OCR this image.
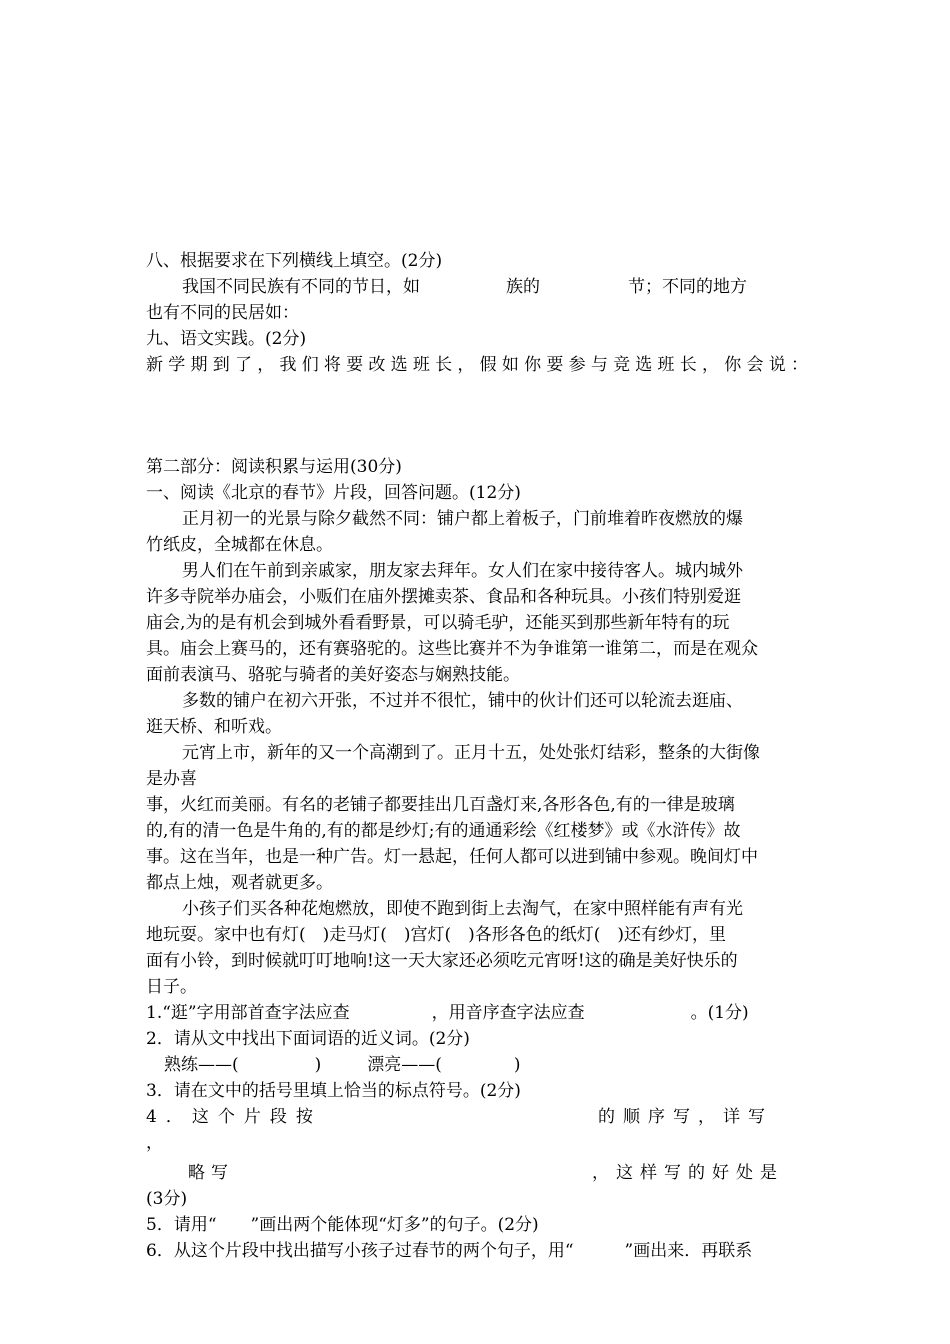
八、根据要求在下列横线上填空。(2分)
我国不同民族有不同的节日，如	族的	节；不同的地方
也有不同的民居如：
九、语文实践。(2分)
新学期到了，我们将要改选班长，假如你要参与竞选班长，你会说：
第二部分：阅读积累与运用(30分)
一、阅读《北京的春节》片段，回答问题。(12分)
正月初一的光景与除夕截然不同：铺户都上着板子，门前堆着昨夜燃放的爆
竹纸皮，全城都在休息。
男人们在午前到亲戚家，朋友家去拜年。女人们在家中接待客人。城内城外
许多寺院举办庙会，小贩们在庙外摆摊卖茶、食品和各种玩具。小孩们特别爱逛
庙会,为的是有机会到城外看看野景，可以骑毛驴，还能买到那些新年特有的玩
具。庙会上赛马的，还有赛骆驼的。这些比赛并不为争谁第一谁第二，而是在观众
面前表演马、骆驼与骑者的美好姿态与娴熟技能。
多数的铺户在初六开张，不过并不很忙，铺中的伙计们还可以轮流去逛庙、
逛天桥、和听戏。
元宵上市，新年的又一个高潮到了。正月十五，处处张灯结彩，整条的大街像
是办喜
事，火红而美丽。有名的老铺子都要挂出几百盏灯来,各形各色,有的一律是玻璃
的,有的清一色是牛角的,有的都是纱灯;有的通通彩绘《红楼梦》或《水浒传》故
事。这在当年，也是一种广告。灯一悬起，任何人都可以进到铺中参观。晚间灯中
都点上烛，观者就更多。
小孩子们买各种花炮燃放，即使不跑到街上去淘气，在家中照样能有声有光
地玩耍。家中也有灯(　)走马灯(　)宫灯(　)各形各色的纸灯(　)还有纱灯，里
面有小铃，到时候就叮叮地响!这一天大家还必须吃元宵呀!这的确是美好快乐的
日子。
1.“逛”字用部首查字法应查	，用音序查字法应查	。(1分)
2．请从文中找出下面词语的近义词。(2分)
熟练——(	)	漂亮——(	)
3．请在文中的括号里填上恰当的标点符号。(2分)
4．这个片段按	的顺序写，详写
，
略写	，这样写的好处是
(3分)
5．请用“　　”画出两个能体现“灯多”的句子。(2分)
6．从这个片段中找出描写小孩子过春节的两个句子，用“　　　”画出来．再联系
